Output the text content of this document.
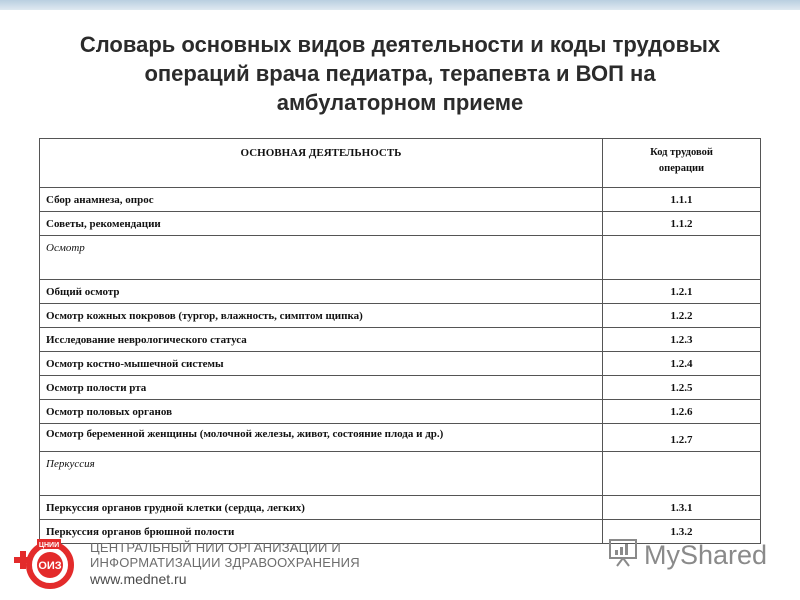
Словарь основных видов деятельности и коды трудовых
операций врача педиатра, терапевта и ВОП на
амбулаторном приеме
ОСНОВНАЯ ДЕЯТЕЛЬНОСТЬ	Код трудовой
операции
Сбор анамнеза, опрос	1.1.1
Советы, рекомендации	1.1.2
Осмотр	
Общий осмотр	1.2.1
Осмотр кожных покровов (тургор, влажность, симптом щипка)	1.2.2
Исследование неврологического статуса	1.2.3
Осмотр костно-мышечной системы	1.2.4
Осмотр полости рта	1.2.5
Осмотр половых органов	1.2.6
Осмотр беременной женщины (молочной железы, живот, состояние плода и др.)	1.2.7
Перкуссия	
Перкуссия органов грудной клетки (сердца, легких)	1.3.1
Перкуссия органов брюшной полости	1.3.2
ЦНИИ
ОИЗ
ЦЕНТРАЛЬНЫЙ НИИ ОРГАНИЗАЦИИ И
ИНФОРМАТИЗАЦИИ ЗДРАВООХРАНЕНИЯ
www.mednet.ru
MyShared
